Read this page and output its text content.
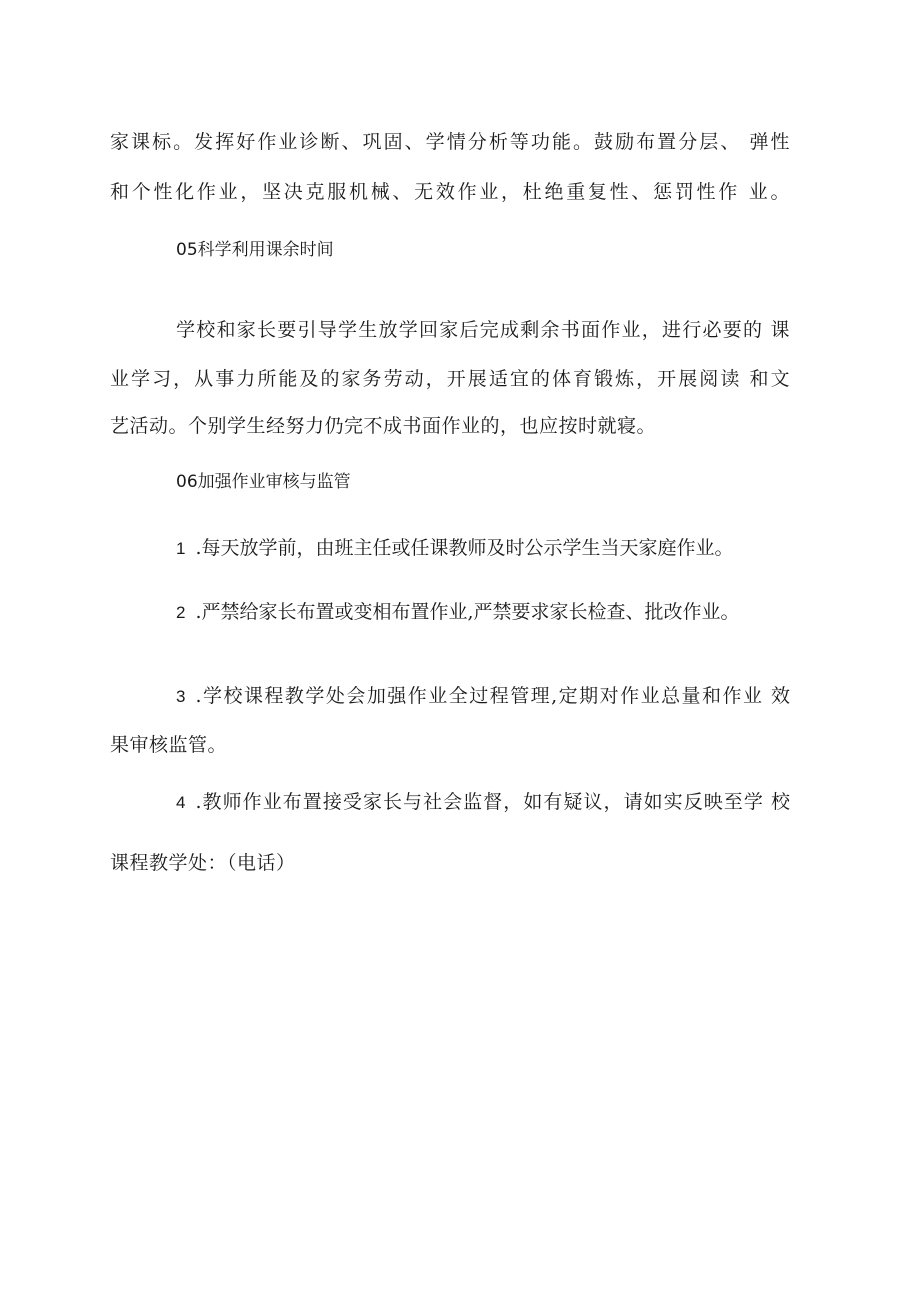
家课标。发挥好作业诊断、巩固、学情分析等功能。鼓励布置分层、 弹性
和个性化作业，坚决克服机械、无效作业，杜绝重复性、惩罚性作 业。
05科学利用课余时间
学校和家长要引导学生放学回家后完成剩余书面作业，进行必要的 课
业学习，从事力所能及的家务劳动，开展适宜的体育锻炼，开展阅读 和文
艺活动。个别学生经努力仍完不成书面作业的，也应按时就寝。
06加强作业审核与监管
1 .每天放学前，由班主任或任课教师及时公示学生当天家庭作业。
2 .严禁给家长布置或变相布置作业,严禁要求家长检查、批改作业。
3 .学校课程教学处会加强作业全过程管理,定期对作业总量和作业 效
果审核监管。
4 .教师作业布置接受家长与社会监督，如有疑议，请如实反映至学 校
课程教学处：（电话）
